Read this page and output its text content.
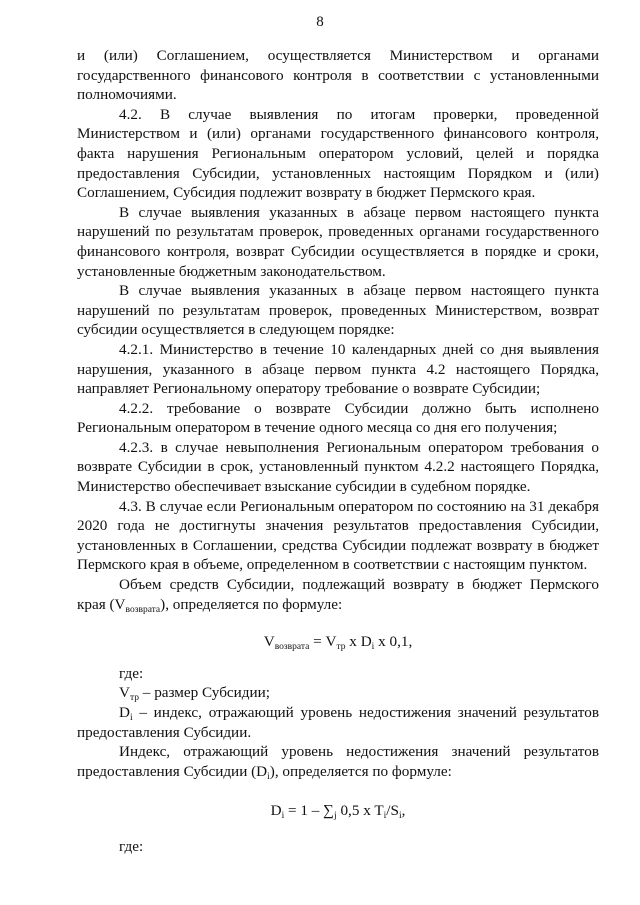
8

и (или) Соглашением, осуществляется Министерством и органами государственного финансового контроля в соответствии с установленными полномочиями.

4.2. В случае выявления по итогам проверки, проведенной Министерством и (или) органами государственного финансового контроля, факта нарушения Региональным оператором условий, целей и порядка предоставления Субсидии, установленных настоящим Порядком и (или) Соглашением, Субсидия подлежит возврату в бюджет Пермского края.

В случае выявления указанных в абзаце первом настоящего пункта нарушений по результатам проверок, проведенных органами государственного финансового контроля, возврат Субсидии осуществляется в порядке и сроки, установленные бюджетным законодательством.

В случае выявления указанных в абзаце первом настоящего пункта нарушений по результатам проверок, проведенных Министерством, возврат субсидии осуществляется в следующем порядке:

4.2.1. Министерство в течение 10 календарных дней со дня выявления нарушения, указанного в абзаце первом пункта 4.2 настоящего Порядка, направляет Региональному оператору требование о возврате Субсидии;

4.2.2. требование о возврате Субсидии должно быть исполнено Региональным оператором в течение одного месяца со дня его получения;

4.2.3. в случае невыполнения Региональным оператором требования о возврате Субсидии в срок, установленный пунктом 4.2.2 настоящего Порядка, Министерство обеспечивает взыскание субсидии в судебном порядке.

4.3. В случае если Региональным оператором по состоянию на 31 декабря 2020 года не достигнуты значения результатов предоставления Субсидии, установленных в Соглашении, средства Субсидии подлежат возврату в бюджет Пермского края в объеме, определенном в соответствии с настоящим пунктом.

Объем средств Субсидии, подлежащий возврату в бюджет Пермского края $(V_{возврата})$, определяется по формуле:

$V_{возврата} = V_{тр}$ x $D_i$ x 0,1,

где:

$V_{тр}$ – размер Субсидии;

$D_i$ – индекс, отражающий уровень недостижения значений результатов предоставления Субсидии.

Индекс, отражающий уровень недостижения значений результатов предоставления Субсидии $(D_i)$, определяется по формуле:

$D_i = 1 - \sum_j$ 0,5 x $T_i/S_i$,

где:
